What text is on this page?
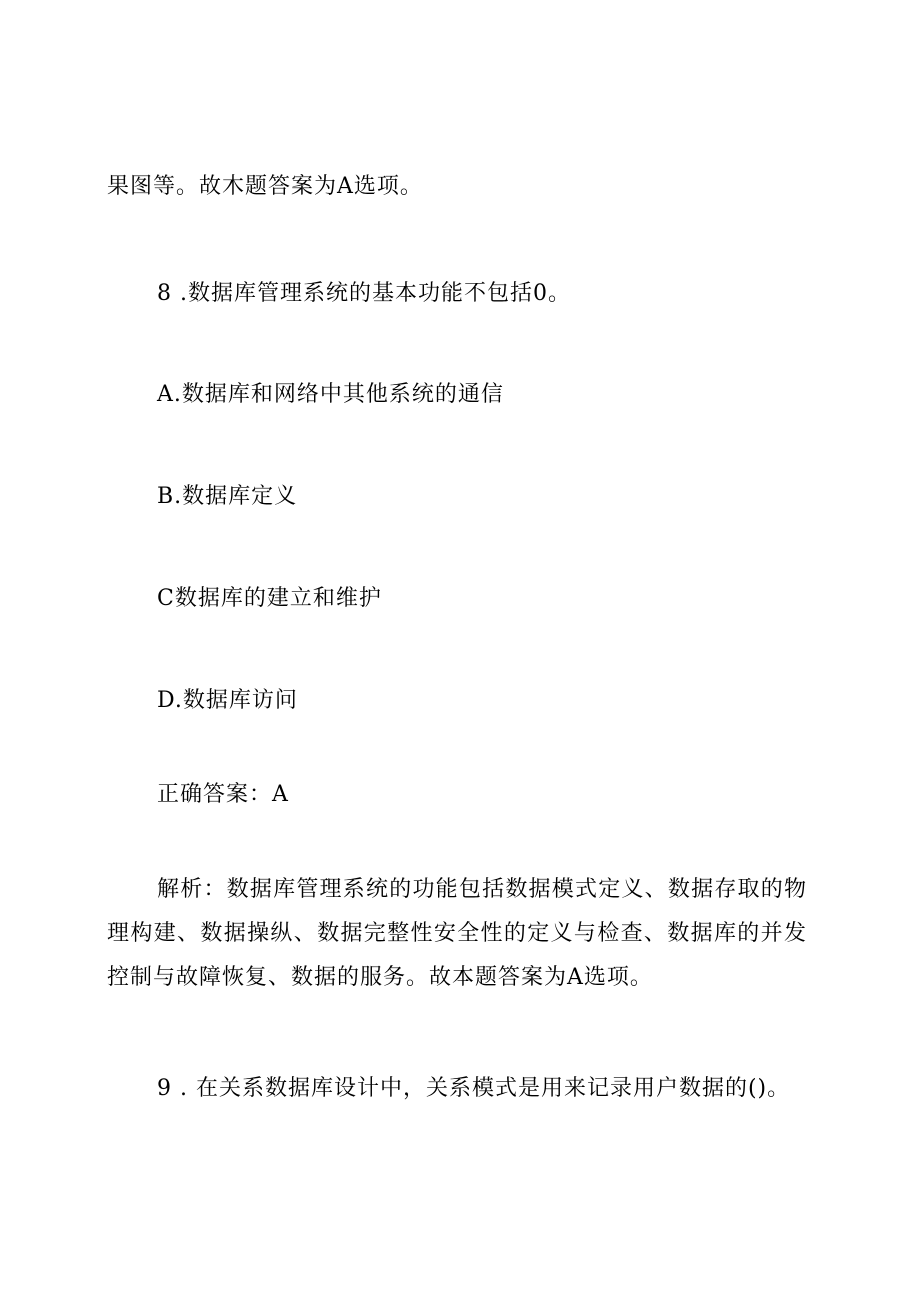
果图等。故木题答案为A选项。

8 .数据库管理系统的基本功能不包括0。

A.数据库和网络中其他系统的通信

B.数据库定义

C数据库的建立和维护

D.数据库访问

正确答案：A

解析：数据库管理系统的功能包括数据模式定义、数据存取的物理构建、数据操纵、数据完整性安全性的定义与检查、数据库的并发控制与故障恢复、数据的服务。故本题答案为A选项。

9 . 在关系数据库设计中，关系模式是用来记录用户数据的()。
